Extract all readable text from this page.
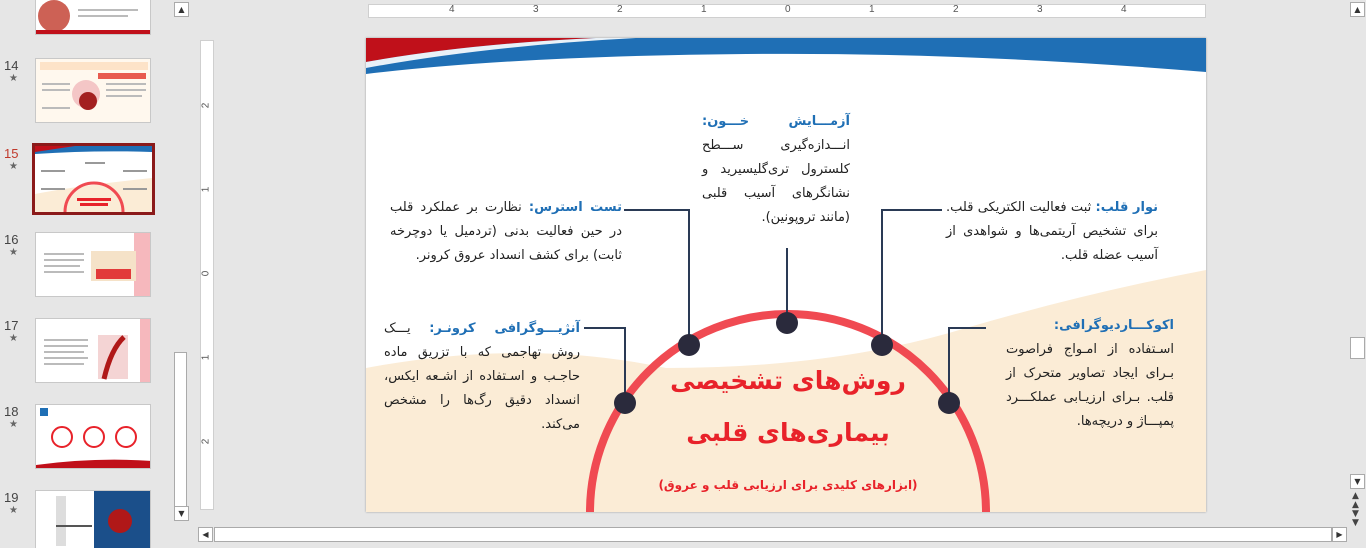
14
★
15
★
16
★
17
★
18
★
19
★
▲
▼
4	3	2	1	0	1	2	3	4
2
1
0
1
2
آزمـــایش خـــون: انـــدازه‌گیری ســـطح کلسترول تری‌گلیسیرید و نشانگرهای آسیب قلبی (مانند تروپونین).
تست استرس: نظارت بر عملکرد قلب در حین فعالیت بدنی (تردمیل یا دوچرخه ثابت) برای کشف انسداد عروق کرونر.
نوار قلب: ثبت فعالیت الکتریکی قلب. برای تشخیص آریتمی‌ها و شواهدی از آسیب عضله قلب.
آنژیـــوگرافی کرونـر: یـــک روش تهاجمی که با تزریق ماده حاجـب و اسـتفاده از اشـعه ایکس، انسداد دقیق رگ‌ها را مشخص می‌کند.
اکوکـــاردیوگرافی: اسـتفاده از امـواج فراصوت بـرای ایجاد تصاویر متحرک از قلب. بـرای ارزیـابی عملکـــرد پمپـــاژ و دریچه‌ها.
روش‌های تشخیصی
بیماری‌های قلبی
(ابزارهای کلیدی برای ارزیابی قلب و عروق)
▲
▼
▲
▲
▼
▼
◀	▶
